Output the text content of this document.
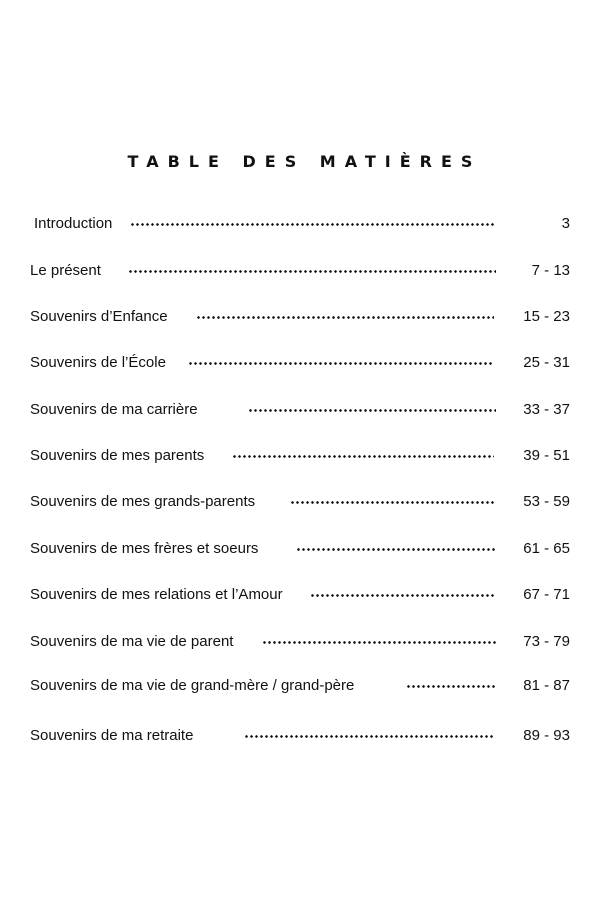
TABLE DES MATIÈRES
Introduction	3
Le présent	7 - 13
Souvenirs d’Enfance	15 - 23
Souvenirs de l’École	25 - 31
Souvenirs de ma carrière	33 - 37
Souvenirs de mes parents	39 - 51
Souvenirs de mes grands-parents	53 - 59
Souvenirs de mes frères et soeurs	61 - 65
Souvenirs de mes relations et l’Amour	67 - 71
Souvenirs de ma vie de parent	73 - 79
Souvenirs de ma vie de grand-mère / grand-père	81 - 87
Souvenirs de ma retraite	89 - 93
